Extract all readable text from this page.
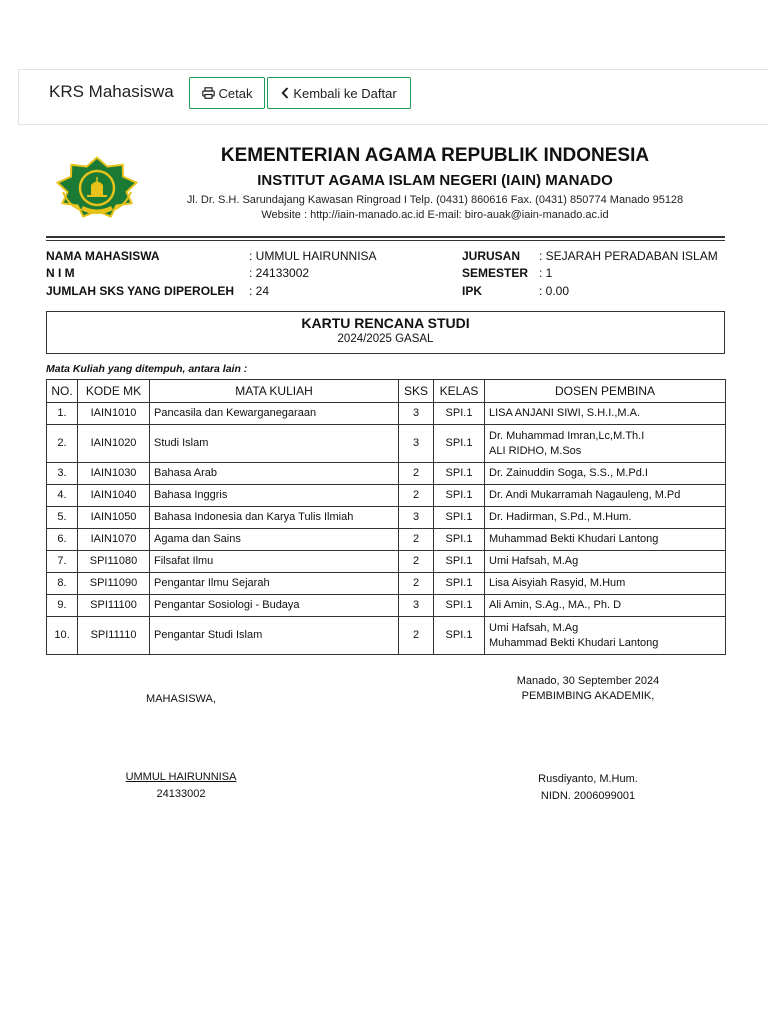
KRS Mahasiswa	Cetak	Kembali ke Daftar
KEMENTERIAN AGAMA REPUBLIK INDONESIA
INSTITUT AGAMA ISLAM NEGERI (IAIN) MANADO
Jl. Dr. S.H. Sarundajang Kawasan Ringroad I Telp. (0431) 860616 Fax. (0431) 850774 Manado 95128
Website : http://iain-manado.ac.id E-mail: biro-auak@iain-manado.ac.id
NAMA MAHASISWA	: UMMUL HAIRUNNISA	JURUSAN : SEJARAH PERADABAN ISLAM
N I M	: 24133002	SEMESTER : 1
JUMLAH SKS YANG DIPEROLEH : 24	IPK	: 0.00
KARTU RENCANA STUDI
2024/2025 GASAL
Mata Kuliah yang ditempuh, antara lain :
NO.	KODE MK	MATA KULIAH	SKS	KELAS	DOSEN PEMBINA
1.	IAIN1010	Pancasila dan Kewarganegaraan	3	SPI.1	LISA ANJANI SIWI, S.H.I.,M.A.

2.	IAIN1020	Studi Islam	3	SPI.1	Dr. Muhammad Imran,Lc,M.Th.I
ALI RIDHO, M.Sos

3.	IAIN1030	Bahasa Arab	2	SPI.1	Dr. Zainuddin Soga, S.S., M.Pd.I

4.	IAIN1040	Bahasa Inggris	2	SPI.1	Dr. Andi Mukarramah Nagauleng, M.Pd

5.	IAIN1050	Bahasa Indonesia dan Karya Tulis Ilmiah	3	SPI.1	Dr. Hadirman, S.Pd., M.Hum.

6.	IAIN1070	Agama dan Sains	2	SPI.1	Muhammad Bekti Khudari Lantong

7.	SPI11080	Filsafat Ilmu	2	SPI.1	Umi Hafsah, M.Ag

8.	SPI11090	Pengantar Ilmu Sejarah	2	SPI.1	Lisa Aisyiah Rasyid, M.Hum

9.	SPI11100	Pengantar Sosiologi - Budaya	3	SPI.1	Ali Amin, S.Ag., MA., Ph. D

10.	SPI11110	Pengantar Studi Islam	2	SPI.1	Umi Hafsah, M.Ag
Muhammad Bekti Khudari Lantong
Manado, 30 September 2024
PEMBIMBING AKADEMIK,
MAHASISWA,
UMMUL HAIRUNNISA
24133002
Rusdiyanto, M.Hum.
NIDN. 2006099001
